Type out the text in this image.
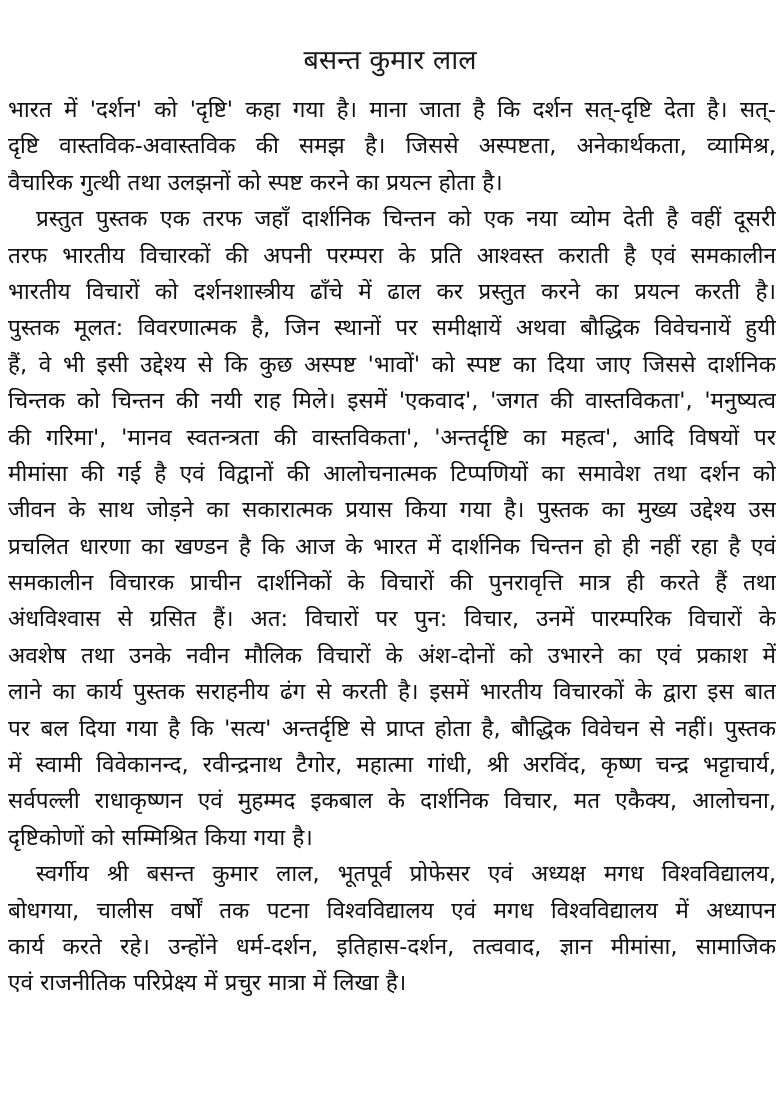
बसन्त कुमार लाल
भारत में 'दर्शन' को 'दृष्टि' कहा गया है। माना जाता है कि दर्शन सत्-दृष्टि देता है। सत्-
दृष्टि वास्तविक-अवास्तविक की समझ है। जिससे अस्पष्टता, अनेकार्थकता, व्यामिश्र,
वैचारिक गुत्थी तथा उलझनों को स्पष्ट करने का प्रयत्न होता है।
प्रस्तुत पुस्तक एक तरफ जहाँ दार्शनिक चिन्तन को एक नया व्योम देती है वहीं दूसरी
तरफ भारतीय विचारकों की अपनी परम्परा के प्रति आश्वस्त कराती है एवं समकालीन
भारतीय विचारों को दर्शनशास्त्रीय ढाँचे में ढाल कर प्रस्तुत करने का प्रयत्न करती है।
पुस्तक मूलत: विवरणात्मक है, जिन स्थानों पर समीक्षायें अथवा बौद्धिक विवेचनायें हुयी
हैं, वे भी इसी उद्देश्य से कि कुछ अस्पष्ट 'भावों' को स्पष्ट का दिया जाए जिससे दार्शनिक
चिन्तक को चिन्तन की नयी राह मिले। इसमें 'एकवाद', 'जगत की वास्तविकता', 'मनुष्यत्व
की गरिमा', 'मानव स्वतन्त्रता की वास्तविकता', 'अन्तर्दृष्टि का महत्व', आदि विषयों पर
मीमांसा की गई है एवं विद्वानों की आलोचनात्मक टिप्पणियों का समावेश तथा दर्शन को
जीवन के साथ जोड़ने का सकारात्मक प्रयास किया गया है। पुस्तक का मुख्य उद्देश्य उस
प्रचलित धारणा का खण्डन है कि आज के भारत में दार्शनिक चिन्तन हो ही नहीं रहा है एवं
समकालीन विचारक प्राचीन दार्शनिकों के विचारों की पुनरावृत्ति मात्र ही करते हैं तथा
अंधविश्वास से ग्रसित हैं। अत: विचारों पर पुन: विचार, उनमें पारम्परिक विचारों के
अवशेष तथा उनके नवीन मौलिक विचारों के अंश-दोनों को उभारने का एवं प्रकाश में
लाने का कार्य पुस्तक सराहनीय ढंग से करती है। इसमें भारतीय विचारकों के द्वारा इस बात
पर बल दिया गया है कि 'सत्य' अन्तर्दृष्टि से प्राप्त होता है, बौद्धिक विवेचन से नहीं। पुस्तक
में स्वामी विवेकानन्द, रवीन्द्रनाथ टैगोर, महात्मा गांधी, श्री अरविंद, कृष्ण चन्द्र भट्टाचार्य,
सर्वपल्ली राधाकृष्णन एवं मुहम्मद इकबाल के दार्शनिक विचार, मत एकैक्य, आलोचना,
दृष्टिकोणों को सम्मिश्रित किया गया है।
स्वर्गीय श्री बसन्त कुमार लाल, भूतपूर्व प्रोफेसर एवं अध्यक्ष मगध विश्वविद्यालय,
बोधगया, चालीस वर्षों तक पटना विश्वविद्यालय एवं मगध विश्वविद्यालय में अध्यापन
कार्य करते रहे। उन्होंने धर्म-दर्शन, इतिहास-दर्शन, तत्ववाद, ज्ञान मीमांसा, सामाजिक
एवं राजनीतिक परिप्रेक्ष्य में प्रचुर मात्रा में लिखा है।
